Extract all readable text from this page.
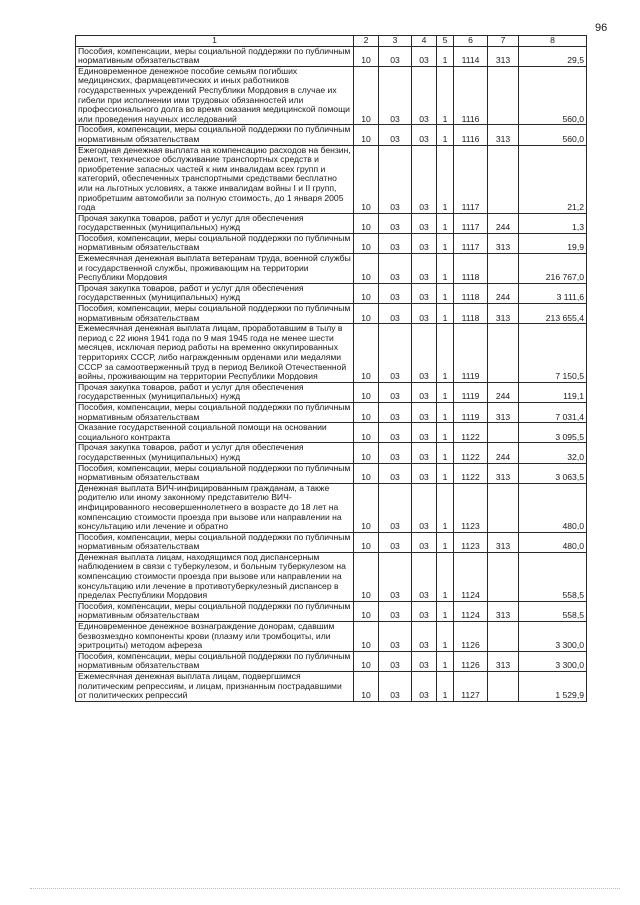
96
1	2	3	4	5	6	7	8
Пособия, компенсации, меры социальной поддержки по публичным нормативным обязательствам	10	03	03	1	1114	313	29,5
Единовременное денежное пособие семьям погибших медицинских, фармацевтических и иных работников государственных учреждений Республики Мордовия в случае их гибели при исполнении ими трудовых обязанностей или профессионального долга во время оказания медицинской помощи или проведения научных исследований	10	03	03	1	1116		560,0
Пособия, компенсации, меры социальной поддержки по публичным нормативным обязательствам	10	03	03	1	1116	313	560,0
Ежегодная денежная выплата на компенсацию расходов на бензин, ремонт, техническое обслуживание транспортных средств и приобретение запасных частей к ним инвалидам всех групп и категорий, обеспеченных транспортными средствами бесплатно или на льготных условиях, а также инвалидам войны I и II групп, приобретшим автомобили за полную стоимость, до 1 января 2005 года	10	03	03	1	1117		21,2
Прочая закупка товаров, работ и услуг для обеспечения государственных (муниципальных) нужд	10	03	03	1	1117	244	1,3
Пособия, компенсации, меры социальной поддержки по публичным нормативным обязательствам	10	03	03	1	1117	313	19,9
Ежемесячная денежная выплата ветеранам труда, военной службы и государственной службы, проживающим на территории Республики Мордовия	10	03	03	1	1118		216 767,0
Прочая закупка товаров, работ и услуг для обеспечения государственных (муниципальных) нужд	10	03	03	1	1118	244	3 111,6
Пособия, компенсации, меры социальной поддержки по публичным нормативным обязательствам	10	03	03	1	1118	313	213 655,4
Ежемесячная денежная выплата лицам, проработавшим в тылу в период с 22 июня 1941 года по 9 мая 1945 года не менее шести месяцев, исключая период работы на временно оккупированных территориях СССР, либо награжденным орденами или медалями СССР за самоотверженный труд в период Великой Отечественной войны, проживающим на территории Республики Мордовия	10	03	03	1	1119		7 150,5
Прочая закупка товаров, работ и услуг для обеспечения государственных (муниципальных) нужд	10	03	03	1	1119	244	119,1
Пособия, компенсации, меры социальной поддержки по публичным нормативным обязательствам	10	03	03	1	1119	313	7 031,4
Оказание государственной социальной помощи на основании социального контракта	10	03	03	1	1122		3 095,5
Прочая закупка товаров, работ и услуг для обеспечения государственных (муниципальных) нужд	10	03	03	1	1122	244	32,0
Пособия, компенсации, меры социальной поддержки по публичным нормативным обязательствам	10	03	03	1	1122	313	3 063,5
Денежная выплата ВИЧ-инфицированным гражданам, а также родителю или иному законному представителю ВИЧ-инфицированного несовершеннолетнего в возрасте до 18 лет на компенсацию стоимости проезда при вызове или направлении на консультацию или лечение и обратно	10	03	03	1	1123		480,0
Пособия, компенсации, меры социальной поддержки по публичным нормативным обязательствам	10	03	03	1	1123	313	480,0
Денежная выплата лицам, находящимся под диспансерным наблюдением в связи с туберкулезом, и больным туберкулезом на компенсацию стоимости проезда при вызове или направлении на консультацию или лечение в противотуберкулезный диспансер в пределах Республики Мордовия	10	03	03	1	1124		558,5
Пособия, компенсации, меры социальной поддержки по публичным нормативным обязательствам	10	03	03	1	1124	313	558,5
Единовременное денежное вознаграждение донорам, сдавшим безвозмездно компоненты крови (плазму или тромбоциты, или эритроциты) методом афереза	10	03	03	1	1126		3 300,0
Пособия, компенсации, меры социальной поддержки по публичным нормативным обязательствам	10	03	03	1	1126	313	3 300,0
Ежемесячная денежная выплата лицам, подвергшимся политическим репрессиям, и лицам, признанным пострадавшими от политических репрессий	10	03	03	1	1127		1 529,9
